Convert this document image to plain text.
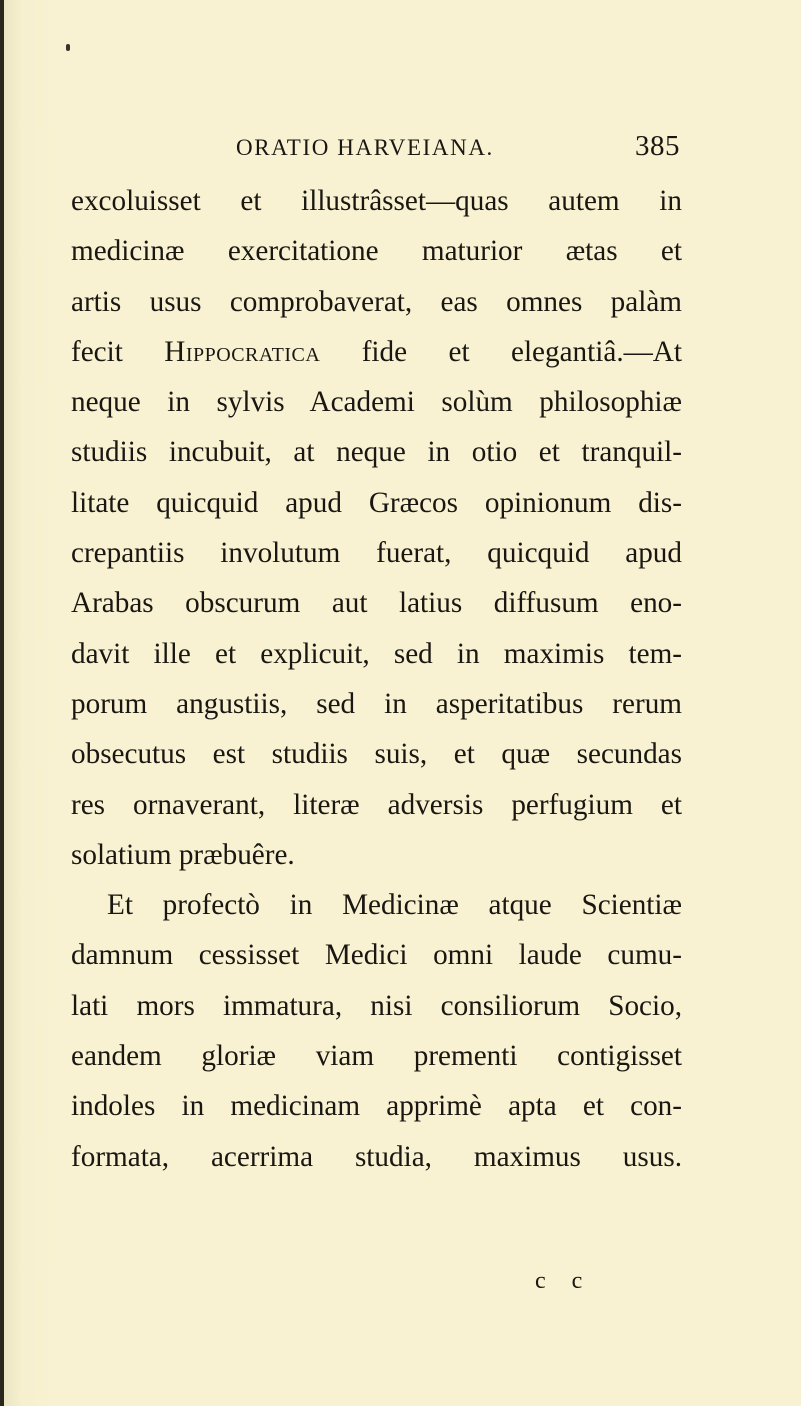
ORATIO HARVEIANA.	385
excoluisset et illustrâsset—quas autem in
medicinæ exercitatione maturior ætas et
artis usus comprobaverat, eas omnes palàm
fecit Hippocratica fide et elegantiâ.—At
neque in sylvis Academi solùm philosophiæ
studiis incubuit, at neque in otio et tranquil-
litate quicquid apud Græcos opinionum dis-
crepantiis involutum fuerat, quicquid apud
Arabas obscurum aut latius diffusum eno-
davit ille et explicuit, sed in maximis tem-
porum angustiis, sed in asperitatibus rerum
obsecutus est studiis suis, et quæ secundas
res ornaverant, literæ adversis perfugium et
solatium præbuêre.
Et profectò in Medicinæ atque Scientiæ
damnum cessisset Medici omni laude cumu-
lati mors immatura, nisi consiliorum Socio,
eandem gloriæ viam prementi contigisset
indoles in medicinam apprimè apta et con-
formata, acerrima studia, maximus usus.
c c
